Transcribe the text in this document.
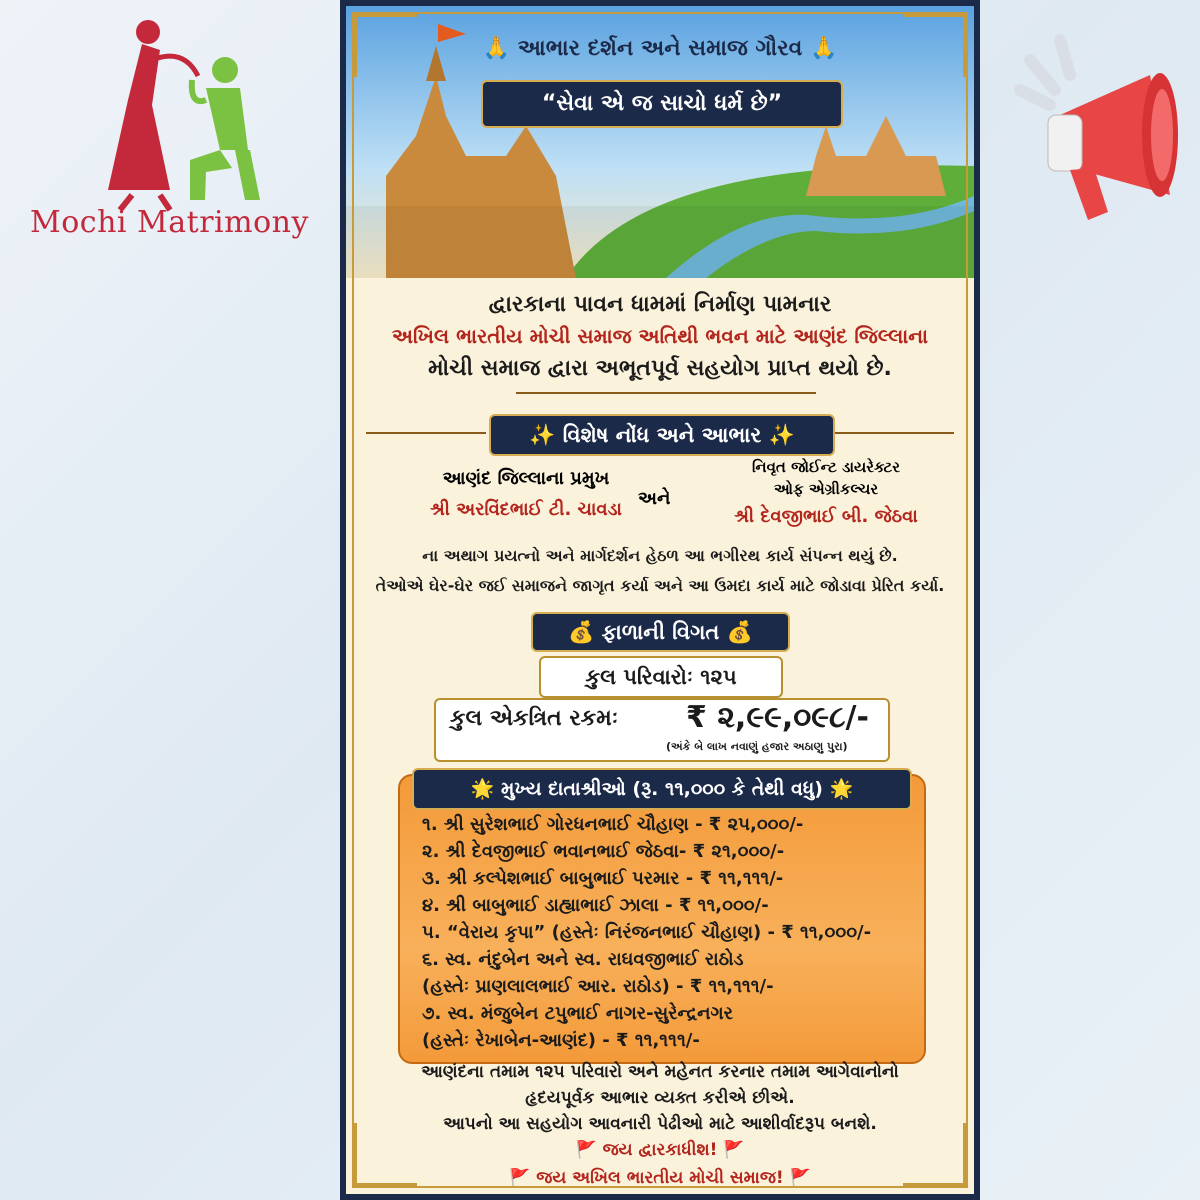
Mochi Matrimony
🙏 આભાર દર્શન અને સમાજ ગૌરવ 🙏
“સેવા એ જ સાચો ધર્મ છે”
દ્વારકાના પાવન ધામમાં નિર્માણ પામનાર
અખિલ ભારતીય મોચી સમાજ અતિથી ભવન માટે આણંદ જિલ્લાના
મોચી સમાજ દ્વારા અભૂતપૂર્વ સહયોગ પ્રાપ્ત થયો છે.
✨ વિશેષ નોંધ અને આભાર ✨
આણંદ જિલ્લાના પ્રમુખ
શ્રી અરવિંદભાઈ ટી. ચાવડા
અને
નિવૃત જોઈન્ટ ડાયરેક્ટર
ઓફ એગ્રીકલ્ચર
શ્રી દેવજીભાઈ બી. જેઠવા
ના અથાગ પ્રયત્નો અને માર્ગદર્શન હેઠળ આ ભગીરથ કાર્ય સંપન્ન થયું છે.
તેઓએ ઘેર-ઘેર જઈ સમાજને જાગૃત કર્યા અને આ ઉમદા કાર્ય માટે જોડાવા પ્રેરિત કર્યા.
💰 ફાળાની વિગત 💰
કુલ પરિવારોઃ ૧૨૫
કુલ એકત્રિત રકમઃ ₹ ૨,૯૯,૦૯૮/-
(અંકે બે લાખ નવાણું હજાર અઠાણુ પુરા)
🌟 મુખ્ય દાતાશ્રીઓ (રૂ. ૧૧,૦૦૦ કે તેથી વધુ) 🌟
૧. શ્રી સુરેશભાઈ ગોરધનભાઈ ચૌહાણ - ₹ ૨૫,૦૦૦/-
૨. શ્રી દેવજીભાઈ ભવાનભાઈ જેઠવા- ₹ ૨૧,૦૦૦/-
૩. શ્રી કલ્પેશભાઈ બાબુભાઈ પરમાર - ₹ ૧૧,૧૧૧/-
૪. શ્રી બાબુભાઈ ડાહ્યાભાઈ ઝાલા - ₹ ૧૧,૦૦૦/-
૫. “વેરાય કૃપા” (હસ્તેઃ નિરંજનભાઈ ચૌહાણ) - ₹ ૧૧,૦૦૦/-
૬. સ્વ. નંદુબેન અને સ્વ. રાઘવજીભાઈ રાઠોડ
(હસ્તેઃ પ્રાણલાલભાઈ આર. રાઠોડ) - ₹ ૧૧,૧૧૧/-
૭. સ્વ. મંજુબેન ટપુભાઈ નાગર-સુરેન્દ્રનગર
(હસ્તેઃ રેખાબેન-આણંદ) - ₹ ૧૧,૧૧૧/-
આણંદના તમામ ૧૨૫ પરિવારો અને મહેનત કરનાર તમામ આગેવાનોનો
હૃદયપૂર્વક આભાર વ્યક્ત કરીએ છીએ.
આપનો આ સહયોગ આવનારી પેઢીઓ માટે આશીર્વાદરૂપ બનશે.
🚩 જય દ્વારકાધીશ! 🚩
🚩 જય અખિલ ભારતીય મોચી સમાજ! 🚩
